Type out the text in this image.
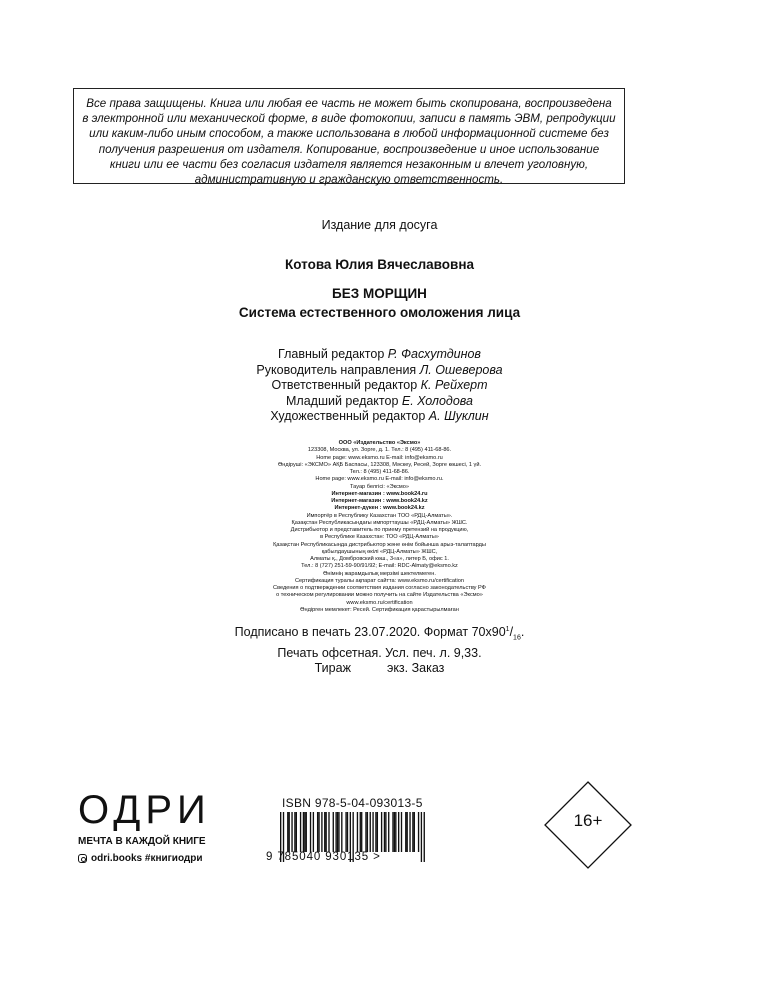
Все права защищены. Книга или любая ее часть не может быть скопирована, воспроизведена в электронной или механической форме, в виде фотокопии, записи в память ЭВМ, репродукции или каким-либо иным способом, а также использована в любой информационной системе без получения разрешения от издателя. Копирование, воспроизведение и иное использование книги или ее части без согласия издателя является незаконным и влечет уголовную, административную и гражданскую ответственность.
Издание для досуга
Котова Юлия Вячеславовна
БЕЗ МОРЩИН
Система естественного омоложения лица
Главный редактор Р. Фасхутдинов
Руководитель направления Л. Ошеверова
Ответственный редактор К. Рейхерт
Младший редактор Е. Холодова
Художественный редактор А. Шуклин
ООО «Издательство «Эксмо»
123308, Москва, ул. Зорге, д. 1. Тел.: 8 (495) 411-68-86.
Home page: www.eksmo.ru E-mail: info@eksmo.ru
Өндіруші: «ЭКСМО» АҚБ Баспасы, 123308, Мәскеу, Ресей, Зорге көшесі, 1 үй.
Тел.: 8 (495) 411-68-86.
Home page: www.eksmo.ru E-mail: info@eksmo.ru.
Тауар белгісі: «Эксмо»
Интернет-магазин : www.book24.ru
Интернет-магазин : www.book24.kz
Интернет-дүкен : www.book24.kz
Импортёр в Республику Казахстан ТОО «РДЦ-Алматы».
Қазақстан Республикасындағы импорттаушы «РДЦ-Алматы» ЖШС.
Дистрибьютор и представитель по приему претензий на продукцию,
в Республике Казахстан: ТОО «РДЦ-Алматы»
Қазақстан Республикасында дистрибьютор және өнім бойынша арыз-талаптарды
қабылдаушының өкілі «РДЦ-Алматы» ЖШС,
Алматы қ., Домбровский көш., 3«а», литер Б, офис 1.
Тел.: 8 (727) 251-59-90/91/92; E-mail: RDC-Almaty@eksmo.kz
Өнімнің жарамдылық мерзімі шектелмеген.
Сертификация туралы ақпарат сайтта: www.eksmo.ru/certification
Сведения о подтверждении соответствия издания согласно законодательству РФ
о техническом регулировании можно получить на сайте Издательства «Эксмо»
www.eksmo.ru/certification
Өндірген мемлекет: Ресей. Сертификация қарастырылмаған
Подписано в печать 23.07.2020. Формат $70х90^1/_{16}$.
Печать офсетная. Усл. печ. л. 9,33.
Тираж	экз. Заказ
ОДРИ
МЕЧТА В КАЖДОЙ КНИГЕ
odri.books #книгиодри
ISBN 978-5-04-093013-5
9 785040 930135 >
16+
